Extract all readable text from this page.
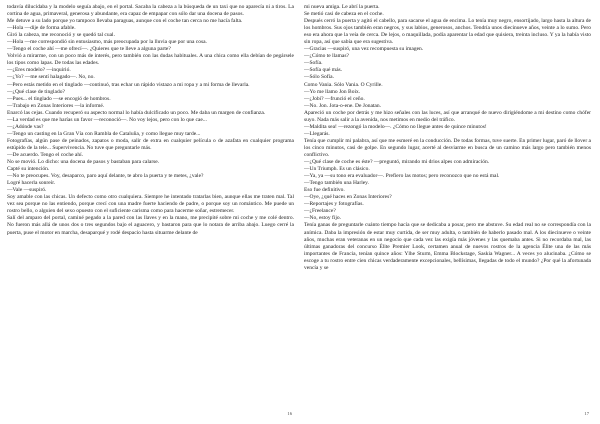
todavía dilucidaba y la modelo seguía abajo, en el portal. Sacaba la cabeza a la búsqueda de un taxi que no aparecía ni a tiros. La cortina de agua, primaveral, generosa y abundante, era capaz de empapar con sólo dar una docena de pasos.

Me detuve a su lado porque yo tampoco llevaba paraguas, aunque con el coche tan cerca no me hacía falta.

—Hola —dije de forma afable.

Giró la cabeza, me reconoció y se quedó tal cual.

—Hola —me correspondió sin entusiasmo, más preocupada por la lluvia que por una cosa.

—Tengo el coche ahí —me ofrecí—. ¿Quieres que te lleve a alguna parte?

Volvió a mirarme, con un poco más de interés, pero también con las dudas habituales. A una chica como ella debían de pegársele los tipos como lapas. De todas las edades.

—¿Eres modelo? —inquirió.

—¿Yo? —me sentí halagado—. No, no.

—Pero estás metido en el tinglado —continuó, tras echar un rápido vistazo a mi ropa y a mi forma de llevarla.

—¿Qué clase de tinglado?

—Pues... el tinglado —se encogió de hombros.

—Trabajo en Zonas Interiores —la informé.

Enarcó las cejas. Cuando recuperó su aspecto normal lo había dulcificado un poco. Me daba un margen de confianza.

—La verdad es que me harías un favor —reconoció—. No voy lejos, pero con lo que cae...

—¿Adónde vas?

—Tengo un casting en la Gran Vía con Rambla de Cataluña, y como llegue muy tarde...

Fotografías, algún pase de peinados, zapatos o moda, salir de extra en cualquier película o de azafata en cualquier programa estúpido de la tele... Supervivencia. No tuve que preguntarle más.

—De acuerdo. Tengo el coche ahí.

No se movió. Lo dicho: una docena de pasos y bastaban para calarse.

Capté su intención.

—No te preocupes. Voy, desaparco, paro aquí delante, te abro la puerta y te metes, ¿vale?

Logré hacerla sonreír.

—Vale —suspiró.

Soy amable con las chicas. Un defecto como otro cualquiera. Siempre he intentado tratarlas bien, aunque ellas me traten mal. Tal vez sea porque no las entiendo, porque crecí con una madre fuerte haciendo de padre, o porque soy un romántico. Me puede un rostro bello, o alguien del sexo opuesto con el suficiente carisma como para hacerme soñar, estremecer.

Salí del amparo del portal, caminé pegado a la pared con las llaves y en la mano, me precipité sobre mi coche y me colé dentro. No fueron más allá de unos dos o tres segundos bajo el aguacero, y bastaron para que lo notara de arriba abajo. Luego cerré la puerta, puse el motor en marcha, desaparqué y rodé despacio hasta situarme delante de

16

mi nueva amiga. Le abrí la puerta.

Se metió casi de cabeza en el coche.

Después cerró la puerta y agitó el cabello, para sacarse el agua de encima. Lo tenía muy negro, ensortijado, largo hasta la altura de los hombros. Sus ojos también eran negros, y sus labios, generosos, anchos. Tendría unos diecinueve años, veinte a lo sumo. Pero eso era ahora que la veía de cerca. De lejos, o maquillada, podía aparentar la edad que quisiera, treinta incluso. Y ya la había visto sin ropa, así que sabía que era sugestiva.

—Gracias —suspiró, una vez recompuesta su imagen.

—¿Cómo te llamas?

—Sofía.

—Sofía qué más.

—Sólo Sofía.

Como Vania. Sólo Vania. O Cyrille.

—Yo me llamo Jon Boix.

—¿Jobi? —frunció el ceño.

—No. Jon. Jota-o-ene. De Jonatan.

Apareció un coche por detrás y me hizo señales con las luces, así que arranqué de nuevo dirigiéndome a mi destino como chófer suyo. Nada más salir a la avenida, nos metimos en medio del tráfico.

—Maldita sea! —rezongó la modelo—. ¿Cómo no llegue antes de quince minutos!

—Llegarás.

Tenía que cumplir mi palabra, así que me esmeré en la conducción. De todas formas, tuve suerte. En primer lugar, paró de llover a los cinco minutos, casi de golpe. En segundo lugar, acerté al desviarme en busca de un camino más largo pero también menos conflictivo.

—¿Qué clase de coche es éste? —preguntó, mirando mi drios alpes con admiración.

—Un Triumph. Es un clásico.

—Ya, ya —su tono era evaluador—. Prefiero las motos; pero reconozco que no está mal.

—Tengo también una Harley.

Eso fue definitivo.

—Oye, ¿qué haces en Zonas Interiores?

—Reportajes y fotografías.

—¿Freelance?

—No, estoy fijo.

Tenía ganas de preguntarle cuánto tiempo hacía que se dedicaba a posar, pero me abstuve. Su edad real no se correspondía con la anímica. Daba la impresión de estar muy curtida, de ser muy adulta, o también de haberlo pasado mal. A los diecinueve o veinte años, muchas eran veteranas en un negocio que cada vez las exigía más jóvenes y las quemaba antes. Si no recordaba mal, las últimas ganadoras del concurso Élite Premier Look, certamen anual de nuevos rostros de la agencia Élite una de las más importantes de Francia, tenían quince años: Ylhe Sturm, Emma Blockstage, Saskia Wagner... A veces yo alucinaba. ¿Cómo se escoge a tu rostro entre cien chicas verdaderamente excepcionales, bellísimas, llegadas de todo el mundo? ¿Por qué la afortunada vencía y se

17
